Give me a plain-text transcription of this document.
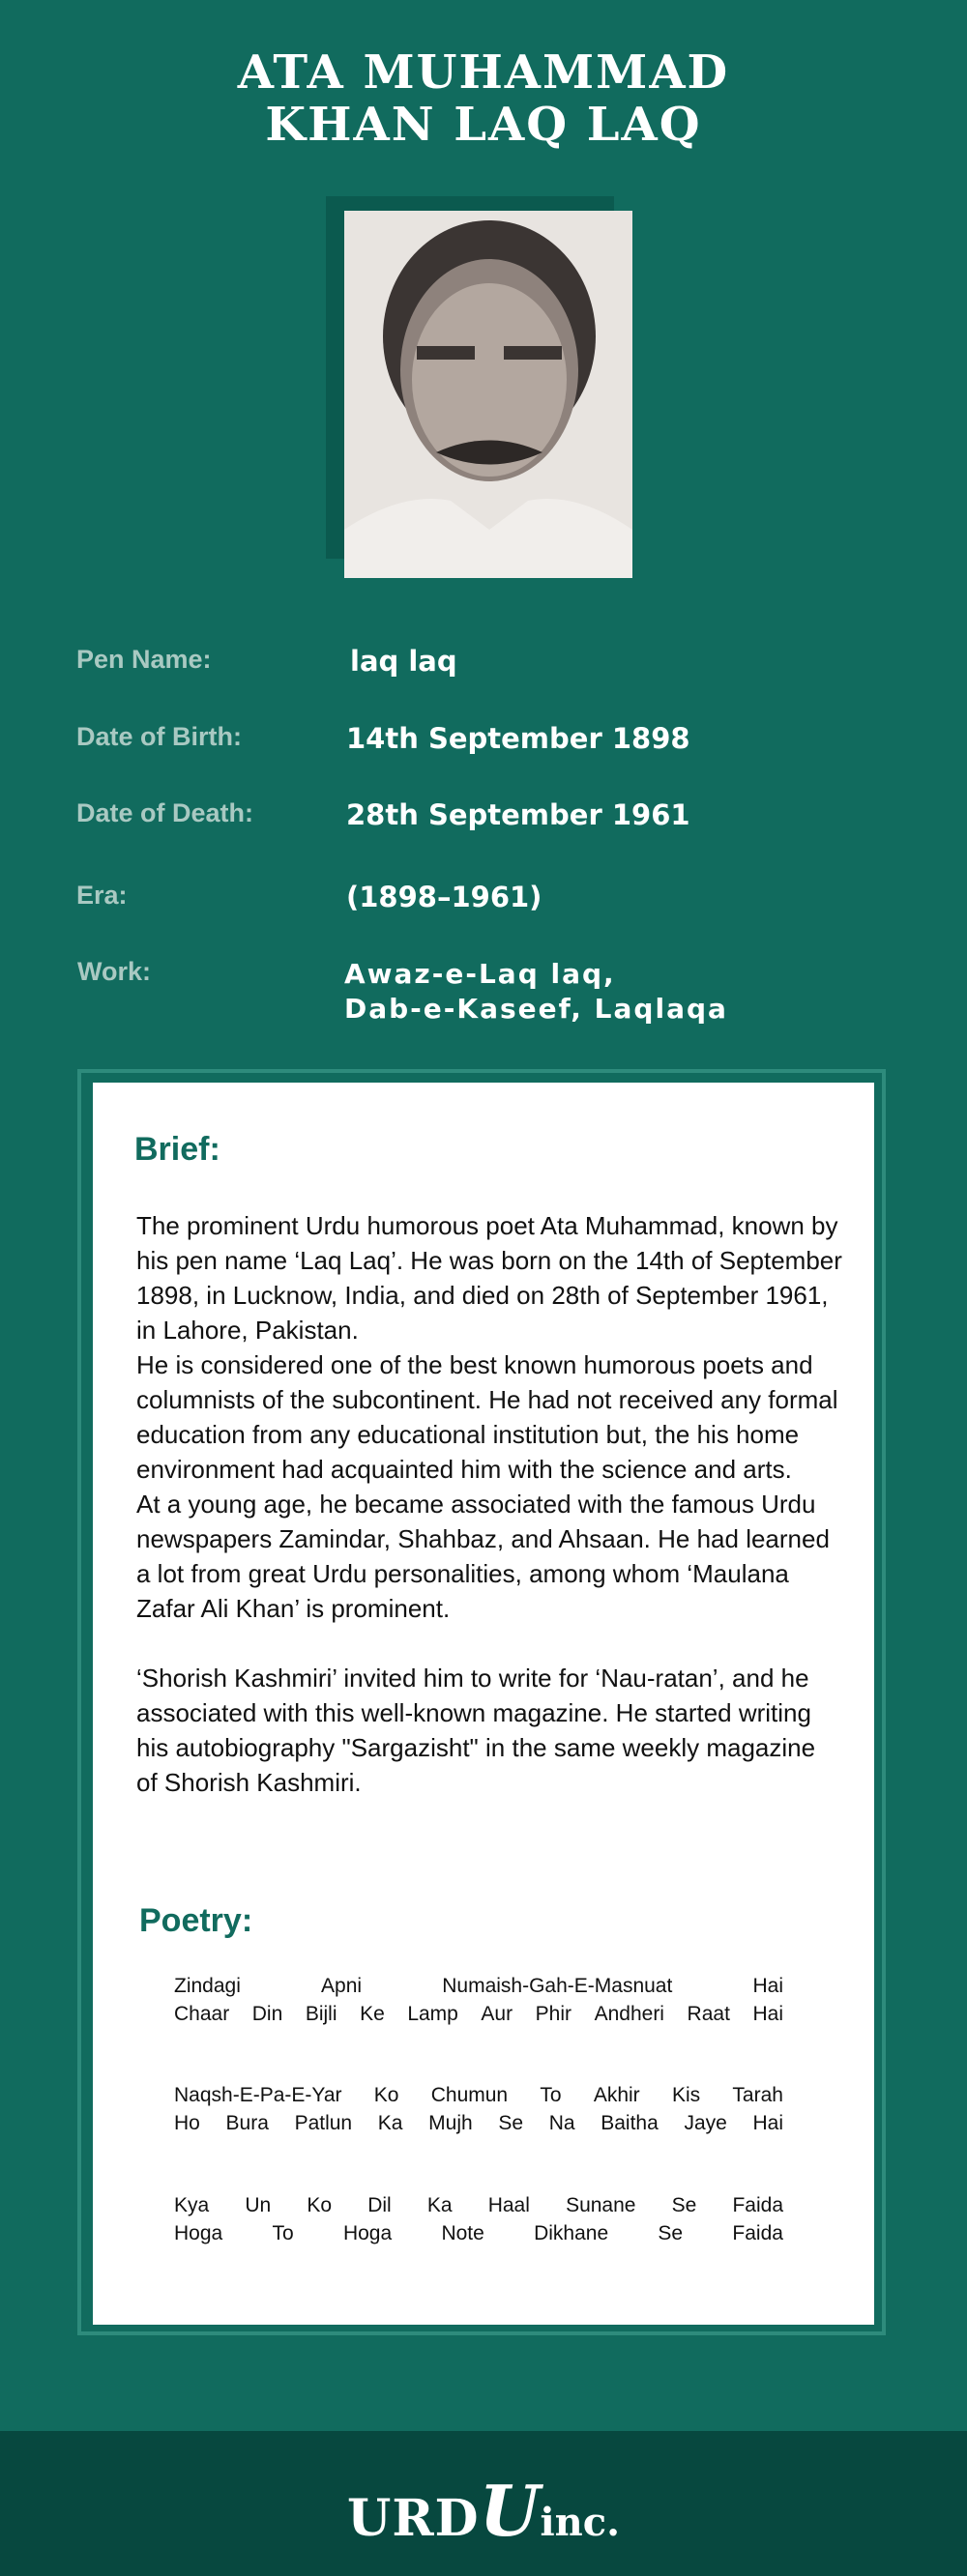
ATA MUHAMMAD
KHAN LAQ LAQ
Pen Name:	laq laq
Date of Birth:	14th September 1898
Date of Death:	28th September 1961
Era:	(1898–1961)
Work:	Awaz-e-Laq laq,
Dab-e-Kaseef, Laqlaqa
Brief:

The prominent Urdu humorous poet Ata Muhammad, known by his pen name ‘Laq Laq’. He was born on the 14th of September 1898, in Lucknow, India, and died on 28th of September 1961, in Lahore, Pakistan.

He is considered one of the best known humorous poets and columnists of the subcontinent. He had not received any formal education from any educational institution but, the his home environment had acquainted him with the science and arts.

At a young age, he became associated with the famous Urdu newspapers Zamindar, Shahbaz, and Ahsaan. He had learned a lot from great Urdu personalities, among whom ‘Maulana Zafar Ali Khan’ is prominent.

‘Shorish Kashmiri’ invited him to write for ‘Nau-ratan’, and he associated with this well-known magazine. He started writing his autobiography "Sargazisht" in the same weekly magazine of Shorish Kashmiri.

Poetry:
Zindagi	Apni	Numaish-Gah-E-Masnuat	Hai
Chaar Din Bijli Ke Lamp Aur Phir Andheri Raat Hai
Naqsh-E-Pa-E-Yar Ko Chumun To Akhir Kis Tarah
Ho Bura Patlun Ka Mujh Se Na Baitha Jaye Hai
Kya Un Ko Dil Ka Haal Sunane Se Faida
Hoga To Hoga Note Dikhane Se Faida
URDUinc.
